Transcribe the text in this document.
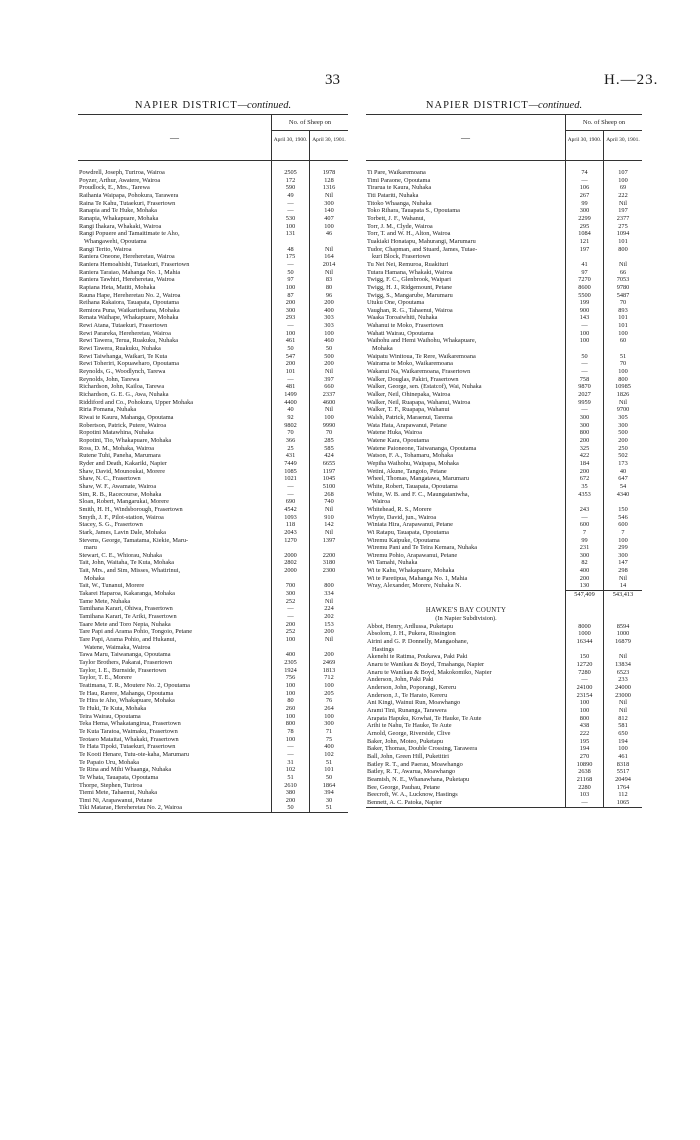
33	H.—23.
NAPIER DISTRICT—continued.
—
No. of Sheep on
April 30, 1900. April 30, 1901.
Powdrell, Joseph, Turiroa, Wairoa	2505	1978
Poyzer, Arthur, Awatere, Wairoa	172	128
Proudlock, E., Mrs., Tarewa	590	1316
Raihania Waipapa, Pohokura, Tarawera	49	Nil
Raina Te Kahu, Tutaekuri, Frasertown	—	300
Ranapia and Te Huke, Mohaka	—	140
Ranapia, Whakapuare, Mohaka	530	407
Rangi Ihakara, Whakaki, Wairoa	100	100
Rangi Popuere and Tamaitimate te Aho,	131	46
Whangawehi, Opoutama
Rangi Terito, Wairoa	48	Nil
Raniera Oneone, Hereheretau, Wairoa	175	164
Raniera Hemoahishi, Tutaekuri, Frasertown	—	2014
Raniera Taraiao, Mahanga No. 1, Mahia	50	Nil
Raniera Tawhiri, Hereheretau, Wairoa	97	83
Rapiana Heta, Matiti, Mohaka	100	80
Rauna Hape, Hereheretau No. 2, Wairoa	87	96
Reihana Rakaiora, Tauapata, Opoutama	200	200
Remiora Puna, Waikaritethana, Mohaka	300	400
Renata Waihape, Whakapuare, Mohaka	293	303
Rewi Atana, Tutaekuri, Frasertown	—	303
Rewi Parareka, Hereheretau, Wairoa	100	100
Rewi Tawera, Terua, Ruakuku, Nuhaka	461	460
Rewi Tawera, Ruakuku, Nuhaka	50	50
Rewi Taiwhanga, Waikari, Te Kuta	547	500
Rewi Toheriri, Kopuawharo, Opoutama	200	200
Reynolds, G., Woodlynch, Tarewa	101	Nil
Reynolds, John, Tarewa	—	397
Richardson, John, Kailoa, Tarewa	481	660
Richardson, G. E. G., Awa, Nuhaka	1499	2337
Riddiford and Co., Pohokura, Upper Mohaka	4400	4600
Riria Pomana, Nuhaka	40	Nil
Riwai te Kauru, Mahanga, Opoutama	92	100
Robertson, Patrick, Putere, Wairoa	9802	9990
Ropotini Matawhina, Nuhaka	70	70
Ropotini, Tio, Whakapuare, Mohaka	366	285
Ross, D. M., Mohaka, Wairoa	25	585
Rutene Tuhi, Paneha, Marumara	431	424
Ryder and Death, Kakariki, Napier	7449	6655
Shaw, David, Mounoukai, Morere	1085	1197
Shaw, N. C., Frasertown	1021	1045
Shaw, W. F., Awamate, Wairoa	—	5100
Sim, R. B., Racecourse, Mohaka	—	268
Sloan, Robert, Mangarukai, Morere	690	740
Smith, H. H., Windsborough, Frasertown	4542	Nil
Smyth, J. F., Pilot-station, Wairoa	1093	910
Stacey, S. G., Frasertown	118	142
Stark, James, Lavin Dale, Mohaka	2043	Nil
Stevens, George, Tamatama, Kiekie, Maru-	1270	1397
maru
Stewart, C. E., Whiorau, Nuhaka	2000	2200
Tait, John, Waitaha, Te Kuta, Mohaka	2802	3180
Tait, Mrs., and Sim, Misses, Whatirinui,	2000	2300
Mohaka
Tait, W., Tunanui, Morere	700	800
Takarei Haparoa, Kakaranga, Mohaka	300	334
Tame Mete, Nuhaka	252	Nil
Tamihana Karari, Ohiwa, Frasertown	—	224
Tamihana Karari, Te Ariki, Frasertown	—	202
Taare Mete and Toro Nepia, Nuhaka	200	153
Tare Papi and Arama Pohio, Tongoio, Petane	252	200
Tare Papi, Arama Pohio, and Hukanui,	100	Nil
Watene, Waimaka, Wairoa
Tawa Maru, Taiwananga, Opoutama	400	200
Taylor Brothers, Pakarai, Frasertown	2305	2469
Taylor, I. E., Burnside, Frasertown	1924	1813
Taylor, T. E., Morere	756	712
Teatimana, T. R., Moutere No. 2, Opoutama	100	100
Te Hau, Rarere, Mahanga, Opoutama	100	205
Te Hira te Aho, Whakapuare, Mohaka	80	76
Te Huki, Te Kuta, Mohaka	260	264
Teira Wairau, Opoutama	100	100
Teka Hema, Whakatangirua, Frasertown	800	300
Te Kuta Taratoa, Waimaku, Frasertown	78	71
Teotaeo Mataitai, Whakaki, Frasertown	100	75
Te Hata Tipoki, Tutaekuri, Frasertown	—	400
Te Kooti Henare, Tutu-ote-kaha, Marumaru	—	102
Te Papaio Uru, Mohaka	31	51
Te Rina and Mihi Whaanga, Nuhaka	102	101
Te Whata, Tauapata, Opoutama	51	50
Thorpe, Stephen, Turiroa	2610	1864
Tiemi Mete, Tahaenui, Nuhaka	380	394
Timi Ni, Arapawanui, Petane	200	30
Tiki Matarae, Hereheretau No. 2, Wairoa	50	51
NAPIER DISTRICT—continued.
—
No. of Sheep on
April 30, 1900. April 30, 1901.
Ti Pare, Waikaremoana	74	107
Timi Paraone, Opoutama	—	100
Tirarua te Kaura, Nuhaka	106	69
Titi Patariti, Nuhaka	267	222
Titoko Whaanga, Nuhaka	99	Nil
Toko Rihara, Tauapata S., Opoutama	300	197
Torbett, J. F., Wahanui,	2299	2377
Torr, J. M., Clyde, Wairoa	295	275
Torr, T. and W. H., Alton, Wairoa	1084	1094
Tuakiaki Honatapu, Mahurangi, Marumaru	121	101
Tudor, Chapman, and Stuard, James, Tutae-	197	800
kuri Block, Frasertown
Tu Nei Nei, Remuroa, Ruakituri	41	Nil
Tutara Hamana, Whakaki, Wairoa	97	66
Twigg, F. C., Glenbrook, Waipari	7270	7053
Twigg, H. J., Ridgemount, Petane	8600	9780
Twigg, S., Mangarube, Marumaru	5500	5487
Utuku One, Opoutama	199	70
Vaughan, R. G., Tahaenui, Wairoa	900	893
Waaka Toroaiwhiti, Nuhaka	143	101
Wahanui te Moko, Frasertown	—	101
Wahati Wairau, Opoutama	100	100
Waihohu and Hemi Waihohu, Whakapuare,	100	60
Mohaka
Waipatu Winitoua, Te Rere, Waikaremoana	50	51
Wairama te Moko, Waikaremoana	—	70
Wakanui Na, Waikaremoana, Frasertown	—	100
Walker, Douglas, Pakiri, Frasertown	758	800
Walker, George, sen. (Estatcof), Wai, Nuhaka	9870	10985
Walker, Neil, Ohinepaka, Wairoa	2027	1826
Walker, Neil, Ruapapa, Wahanui, Wairoa	9959	Nil
Walker, T. F., Ruapapa, Wahanui	—	9700
Walsh, Patrick, Maraenui, Tarema	300	305
Wata Hata, Arapawanui, Petane	300	300
Watene Huka, Wairoa	800	500
Watene Kara, Opoutama	200	200
Watene Paioneone, Taiwananga, Opoutama	325	250
Watson, F. A., Tohamaru, Mohaka	422	502
Wepiha Waihohu, Waipapa, Mohaka	184	173
Wetini, Akune, Tangoio, Petane	200	40
Wheel, Thomas, Mangatawa, Marumaru	672	647
White, Robert, Tauapata, Opoutama	35	54
White, W. B. and F. C., Maungataniwha,	4353	4340
Wairoa
Whitehead, R. S., Morere	243	150
Whyte, David, jun., Wairoa	—	546
Winiata Hira, Arapawanui, Petane	600	600
Wi Ratapu, Tauapata, Opoutama	7	7
Wiremu Kaipuke, Opoutama	99	100
Wiremu Pani and Te Teira Kemara, Nuhaka	231	299
Wiremu Pohio, Arapawanui, Petane	300	300
Wi Tamahi, Nuhaka	82	147
Wi te Kahu, Whakapuare, Mohaka	400	298
Wi te Paretipua, Mahanga No. 1, Mahia	200	Nil
Wray, Alexander, Morere, Nuhaka N.	130	14
547,409	543,413
HAWKE'S BAY COUNTY
(In Napier Subdivision).
Abbot, Henry, Ardlussa, Puketapu	8000	8594
Absolom, J. H., Pukera, Rissington	1000	1000
Airini and G. P. Donnelly, Mangaohane,	16344	16879
Hastings
Akenehi te Ratima, Poukawa, Paki Paki	150	Nil
Anaru te Wanikau & Boyd, Tmahanga, Napier	12720	13834
Anaru te Wanikau & Boyd, Makokomiko, Napier	7280	6523
Anderson, John, Paki Paki	—	233
Anderson, John, Poporangi, Kereru	24100	24000
Anderson, J., Te Harato, Kereru	23154	23000
Ani Kingi, Wainui Run, Moawhango	100	Nil
Arami Tini, Runanga, Tarawera	100	Nil
Arapata Hapuku, Kowhai, Te Hauke, Te Aute	800	812
Arihi te Nahu, Te Hauke, Te Aute	438	581
Arnold, George, Riverside, Clive	222	650
Baker, John, Moteo, Puketapu	195	194
Baker, Thomas, Double Crossing, Tarawera	194	100
Ball, John, Green Hill, Puketitiri	270	461
Batley R. T., and Paerau, Moawhango	10890	8318
Batley, R. T., Awarua, Moawhango	2638	5517
Beamish, N. E., Whanawhana, Puketapu	21168	20494
Bee, George, Pauhau, Petane	2280	1764
Beecroft, W. A., Lucknow, Hastings	103	112
Bennett, A. C. Patoka, Napier	—	1065
